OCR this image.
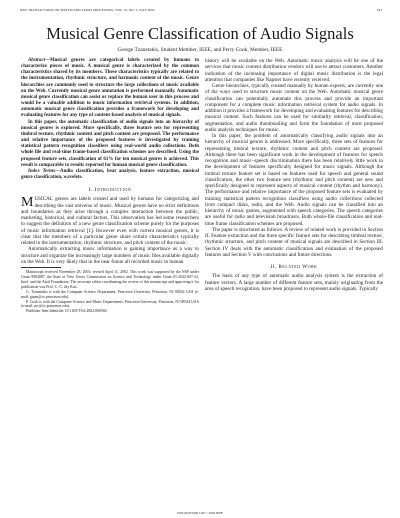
IEEE TRANSACTIONS ON SPEECH AND AUDIO PROCESSING, VOL. 10, NO. 5, JULY 2002	293
Musical Genre Classification of Audio Signals
George Tzanetakis, Student Member, IEEE, and Perry Cook, Member, IEEE

Abstract—Musical genres are categorical labels created by humans to characterize pieces of music. A musical genre is characterized by the common characteristics shared by its members. These characteristics typically are related to the instrumentation, rhythmic structure, and harmonic content of the music. Genre hierarchies are commonly used to structure the large collections of music available on the Web. Currently musical genre annotation is performed manually. Automatic musical genre classification can assist or replace the human user in this process and would be a valuable addition to music information retrieval systems. In addition, automatic musical genre classification provides a framework for developing and evaluating features for any type of content-based analysis of musical signals.

In this paper, the automatic classification of audio signals into an hierarchy of musical genres is explored. More specifically, three feature sets for representing timbral texture, rhythmic content and pitch content are proposed. The performance and relative importance of the proposed features is investigated by training statistical pattern recognition classifiers using real-world audio collections. Both whole file and real-time frame-based classification schemes are described. Using the proposed feature sets, classification of 61% for ten musical genres is achieved. This result is comparable to results reported for human musical genre classification.

Index Terms—Audio classification, beat analysis, feature extraction, musical genre classification, wavelets.

I. Introduction

MUSICAL genres are labels created and used by humans for categorizing and describing the vast universe of music. Musical genres have no strict definitions and boundaries as they arise through a complex interaction between the public, marketing, historical, and cultural factors. This observation has led some researchers to suggest the definition of a new genre classification scheme purely for the purposes of music information retrieval [1]. However even with current musical genres, it is clear that the members of a particular genre share certain characteristics typically related to the instrumentation, rhythmic structure, and pitch content of the music.

Automatically extracting music information is gaining importance as a way to structure and organize the increasingly large numbers of music files available digitally on the Web. It is very likely that in the near future all recorded music in human

Manuscript received November 28, 2001; revised April 11, 2002. This work was supported by the NSF under Grant 9984087, the State of New Jersey Commission on Science and Technology under Grant 01-2042-007-22, Intel, and the Arial Foundation. The associate editor coordinating the review of this manuscript and approving it for publication was Prof. C.-C. Jay Kuo.

G. Tzanetakis is with the Computer Science Department, Princeton University, Princeton, NJ 08544 USA (e-mail: gtzan@cs.princeton.edu).

P. Cook is with the Computer Science and Music Departments, Princeton University, Princeton, NJ 08544 USA (e-mail: prc@cs.princeton.edu).

Publisher Item Identifier 10.1109/TSA.2002.800560.

history will be available on the Web. Automatic music analysis will be one of the services that music content distribution vendors will use to attract customers. Another indication of the increasing importance of digital music distribution is the legal attention that companies like Napster have recently received.

Genre hierarchies, typically created manually by human experts, are currently one of the ways used to structure music content on the Web. Automatic musical genre classification can potentially automate this process and provide an important component for a complete music information retrieval system for audio signals. In addition it provides a framework for developing and evaluating features for describing musical content. Such features can be used for similarity retrieval, classification, segmentation, and audio thumbnailing and form the foundation of most proposed audio analysis techniques for music.

In this paper, the problem of automatically classifying audio signals into an hierarchy of musical genres is addressed. More specifically, three sets of features for representing timbral texture, rhythmic content and pitch content are proposed. Although there has been significant work in the development of features for speech recognition and music–speech discrimination there has been relatively little work in the development of features specifically designed for music signals. Although the timbral texture feature set is based on features used for speech and general sound classification, the other two feature sets (rhythmic and pitch content) are new and specifically designed to represent aspects of musical content (rhythm and harmony). The performance and relative importance of the proposed feature sets is evaluated by training statistical pattern recognition classifiers using audio collections collected from compact disks, radio, and the Web. Audio signals can be classified into an hierarchy of music genres, augmented with speech categories. The speech categories are useful for radio and television broadcasts. Both whole-file classification and real-time frame classification schemes are proposed.

The paper is structured as follows. A review of related work is provided in Section II. Feature extraction and the three specific feature sets for describing timbral texture, rhythmic structure, and pitch content of musical signals are described in Section III. Section IV deals with the automatic classification and evaluation of the proposed features and Section V with conclusions and future directions.

II. Related Work

The basis of any type of automatic audio analysis system is the extraction of feature vectors. A large number of different feature sets, mainly originating from the area of speech recognition, have been proposed to represent audio signals. Typically

1063-6676/02$17.00 © 2002 IEEE
